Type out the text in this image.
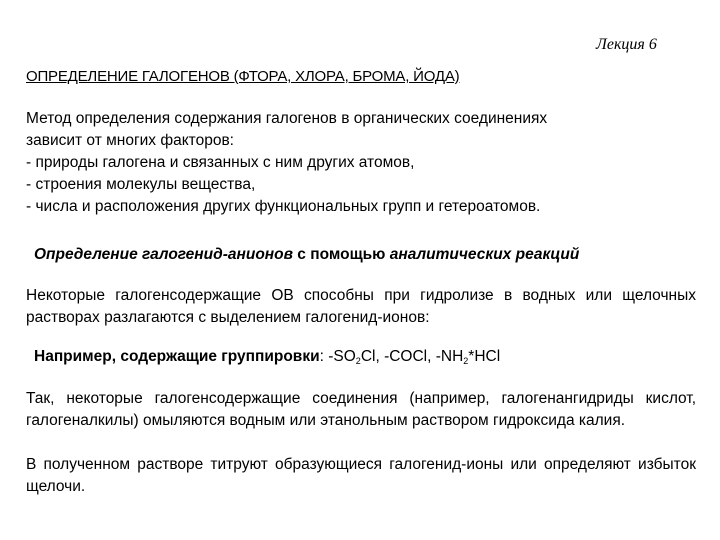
Лекция 6
ОПРЕДЕЛЕНИЕ ГАЛОГЕНОВ (ФТОРА, ХЛОРА, БРОМА, ЙОДА)
Метод определения содержания галогенов в органических соединениях
зависит от многих факторов:
- природы галогена и связанных с ним других атомов,
- строения молекулы вещества,
- числа и расположения других функциональных групп и гетероатомов.
Определение галогенид-анионов с помощью аналитических реакций
Некоторые галогенсодержащие ОВ способны при гидролизе в водных или щелочных растворах разлагаются с выделением галогенид-ионов:
Например, содержащие группировки: $-SO_2Cl$, -COCl, $-NH_2*HCl$
Так, некоторые галогенсодержащие соединения (например, галогенангидриды кислот, галогеналкилы) омыляются водным или этанольным раствором гидроксида калия.
В полученном растворе титруют образующиеся галогенид-ионы или определяют избыток щелочи.
